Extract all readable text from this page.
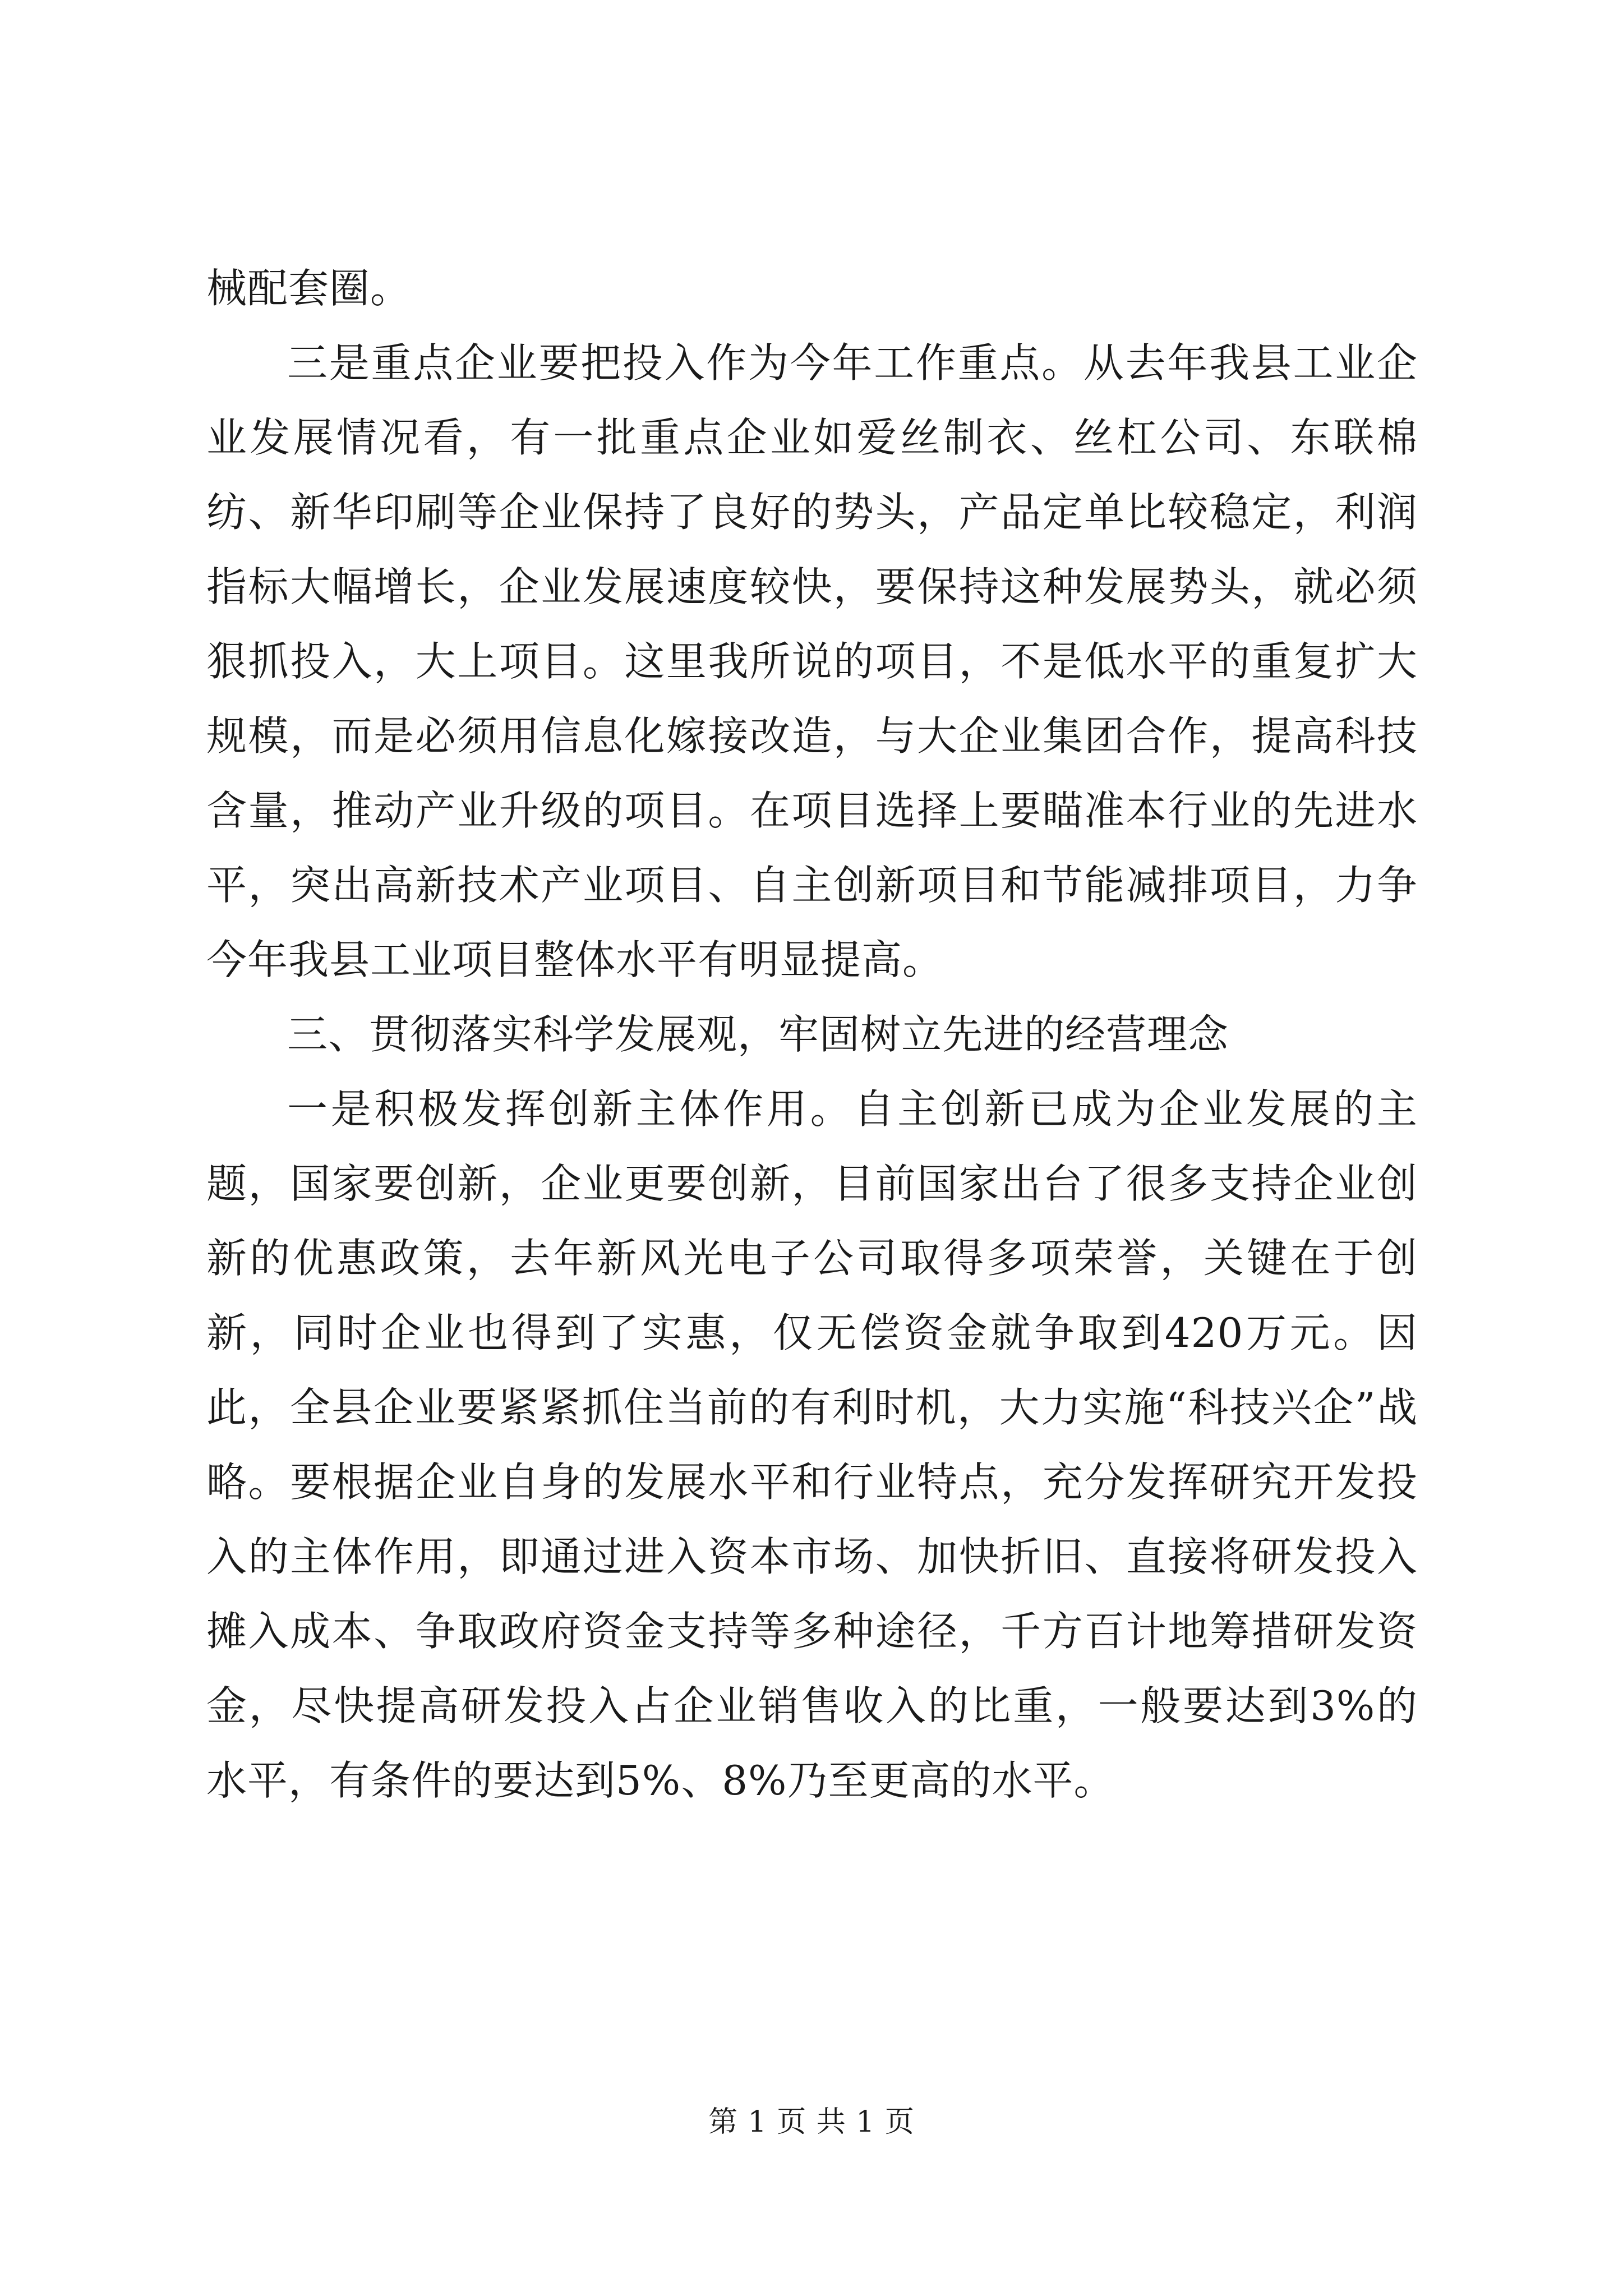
械配套圈。

三是重点企业要把投入作为今年工作重点。从去年我县工业企业发展情况看，有一批重点企业如爱丝制衣、丝杠公司、东联棉纺、新华印刷等企业保持了良好的势头，产品定单比较稳定，利润指标大幅增长，企业发展速度较快，要保持这种发展势头，就必须狠抓投入，大上项目。这里我所说的项目，不是低水平的重复扩大规模，而是必须用信息化嫁接改造，与大企业集团合作，提高科技含量，推动产业升级的项目。在项目选择上要瞄准本行业的先进水平，突出高新技术产业项目、自主创新项目和节能减排项目，力争今年我县工业项目整体水平有明显提高。

三、贯彻落实科学发展观，牢固树立先进的经营理念

一是积极发挥创新主体作用。自主创新已成为企业发展的主题，国家要创新，企业更要创新，目前国家出台了很多支持企业创新的优惠政策，去年新风光电子公司取得多项荣誉，关键在于创新，同时企业也得到了实惠，仅无偿资金就争取到420万元。因此，全县企业要紧紧抓住当前的有利时机，大力实施“科技兴企”战略。要根据企业自身的发展水平和行业特点，充分发挥研究开发投入的主体作用，即通过进入资本市场、加快折旧、直接将研发投入摊入成本、争取政府资金支持等多种途径，千方百计地筹措研发资金，尽快提高研发投入占企业销售收入的比重，一般要达到3%的水平，有条件的要达到5%、8%乃至更高的水平。

第 1 页 共 1 页
